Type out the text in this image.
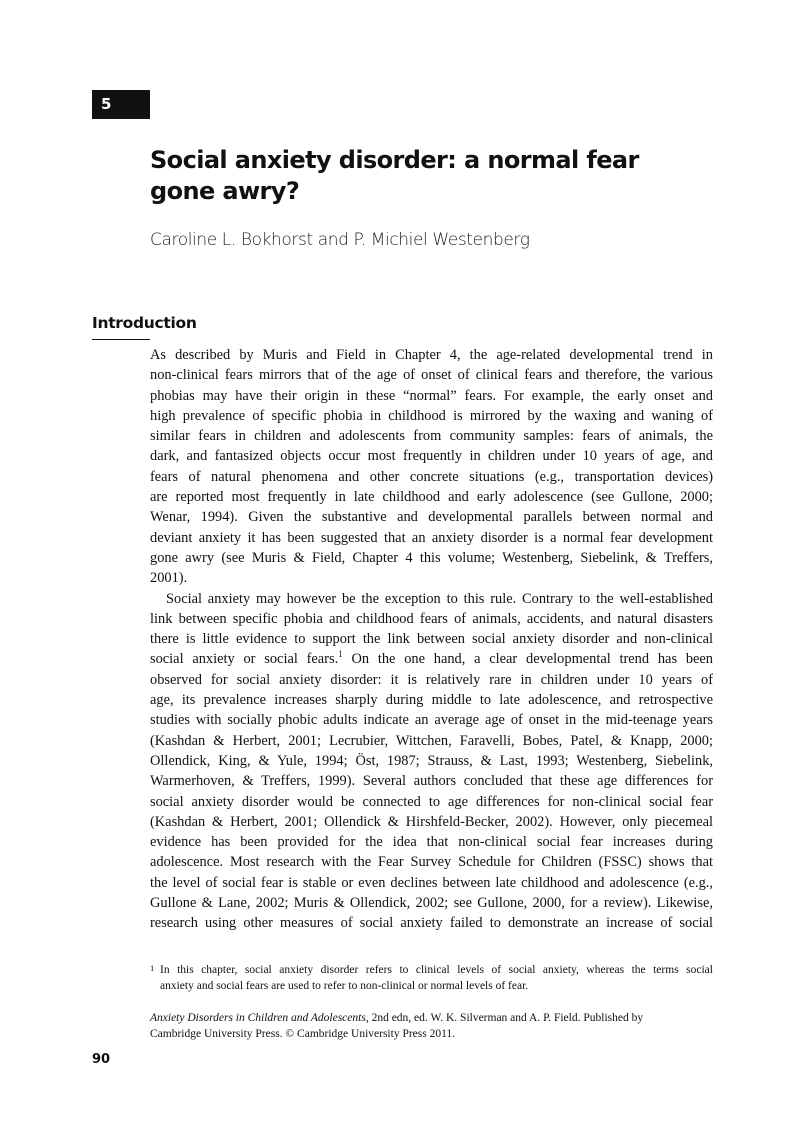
5
Social anxiety disorder: a normal fear
gone awry?
Caroline L. Bokhorst and P. Michiel Westenberg
Introduction
As described by Muris and Field in Chapter 4, the age-related developmental trend in
non-clinical fears mirrors that of the age of onset of clinical fears and therefore, the various
phobias may have their origin in these “normal” fears. For example, the early onset and
high prevalence of specific phobia in childhood is mirrored by the waxing and waning of
similar fears in children and adolescents from community samples: fears of animals, the
dark, and fantasized objects occur most frequently in children under 10 years of age, and
fears of natural phenomena and other concrete situations (e.g., transportation devices)
are reported most frequently in late childhood and early adolescence (see Gullone, 2000;
Wenar, 1994). Given the substantive and developmental parallels between normal and
deviant anxiety it has been suggested that an anxiety disorder is a normal fear development
gone awry (see Muris & Field, Chapter 4 this volume; Westenberg, Siebelink, & Treffers,
2001).
Social anxiety may however be the exception to this rule. Contrary to the well-established
link between specific phobia and childhood fears of animals, accidents, and natural disasters
there is little evidence to support the link between social anxiety disorder and non-clinical
social anxiety or social fears.$^1$ On the one hand, a clear developmental trend has been
observed for social anxiety disorder: it is relatively rare in children under 10 years of
age, its prevalence increases sharply during middle to late adolescence, and retrospective
studies with socially phobic adults indicate an average age of onset in the mid-teenage years
(Kashdan & Herbert, 2001; Lecrubier, Wittchen, Faravelli, Bobes, Patel, & Knapp, 2000;
Ollendick, King, & Yule, 1994; Öst, 1987; Strauss, & Last, 1993; Westenberg, Siebelink,
Warmerhoven, & Treffers, 1999). Several authors concluded that these age differences for
social anxiety disorder would be connected to age differences for non-clinical social fear
(Kashdan & Herbert, 2001; Ollendick & Hirshfeld-Becker, 2002). However, only piecemeal
evidence has been provided for the idea that non-clinical social fear increases during
adolescence. Most research with the Fear Survey Schedule for Children (FSSC) shows that
the level of social fear is stable or even declines between late childhood and adolescence (e.g.,
Gullone & Lane, 2002; Muris & Ollendick, 2002; see Gullone, 2000, for a review). Likewise,
research using other measures of social anxiety failed to demonstrate an increase of social
1 In this chapter, social anxiety disorder refers to clinical levels of social anxiety, whereas the terms social
anxiety and social fears are used to refer to non-clinical or normal levels of fear.
Anxiety Disorders in Children and Adolescents, 2nd edn, ed. W. K. Silverman and A. P. Field. Published by
Cambridge University Press. © Cambridge University Press 2011.
90
